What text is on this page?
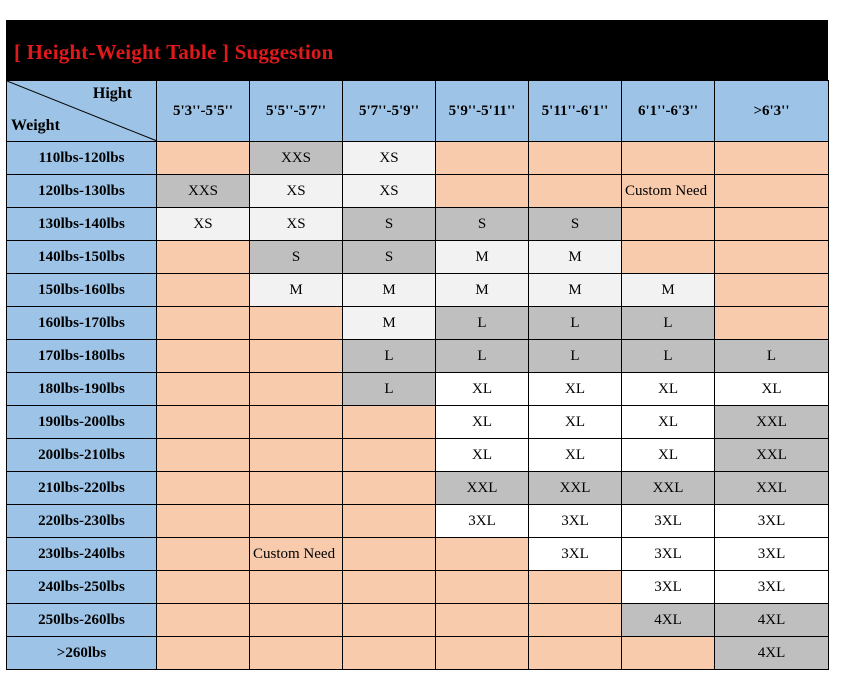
[ Height-Weight Table ] Suggestion
Hight
Weight	5'3''-5'5''	5'5''-5'7''	5'7''-5'9''	5'9''-5'11''	5'11''-6'1''	6'1''-6'3''	>6'3''
110lbs-120lbs		XXS	XS				
120lbs-130lbs	XXS	XS	XS			Custom Need	
130lbs-140lbs	XS	XS	S	S	S		
140lbs-150lbs		S	S	M	M		
150lbs-160lbs		M	M	M	M	M	
160lbs-170lbs			M	L	L	L	
170lbs-180lbs			L	L	L	L	L
180lbs-190lbs			L	XL	XL	XL	XL
190lbs-200lbs				XL	XL	XL	XXL
200lbs-210lbs				XL	XL	XL	XXL
210lbs-220lbs				XXL	XXL	XXL	XXL
220lbs-230lbs				3XL	3XL	3XL	3XL
230lbs-240lbs		Custom Need			3XL	3XL	3XL
240lbs-250lbs						3XL	3XL
250lbs-260lbs						4XL	4XL
>260lbs							4XL
